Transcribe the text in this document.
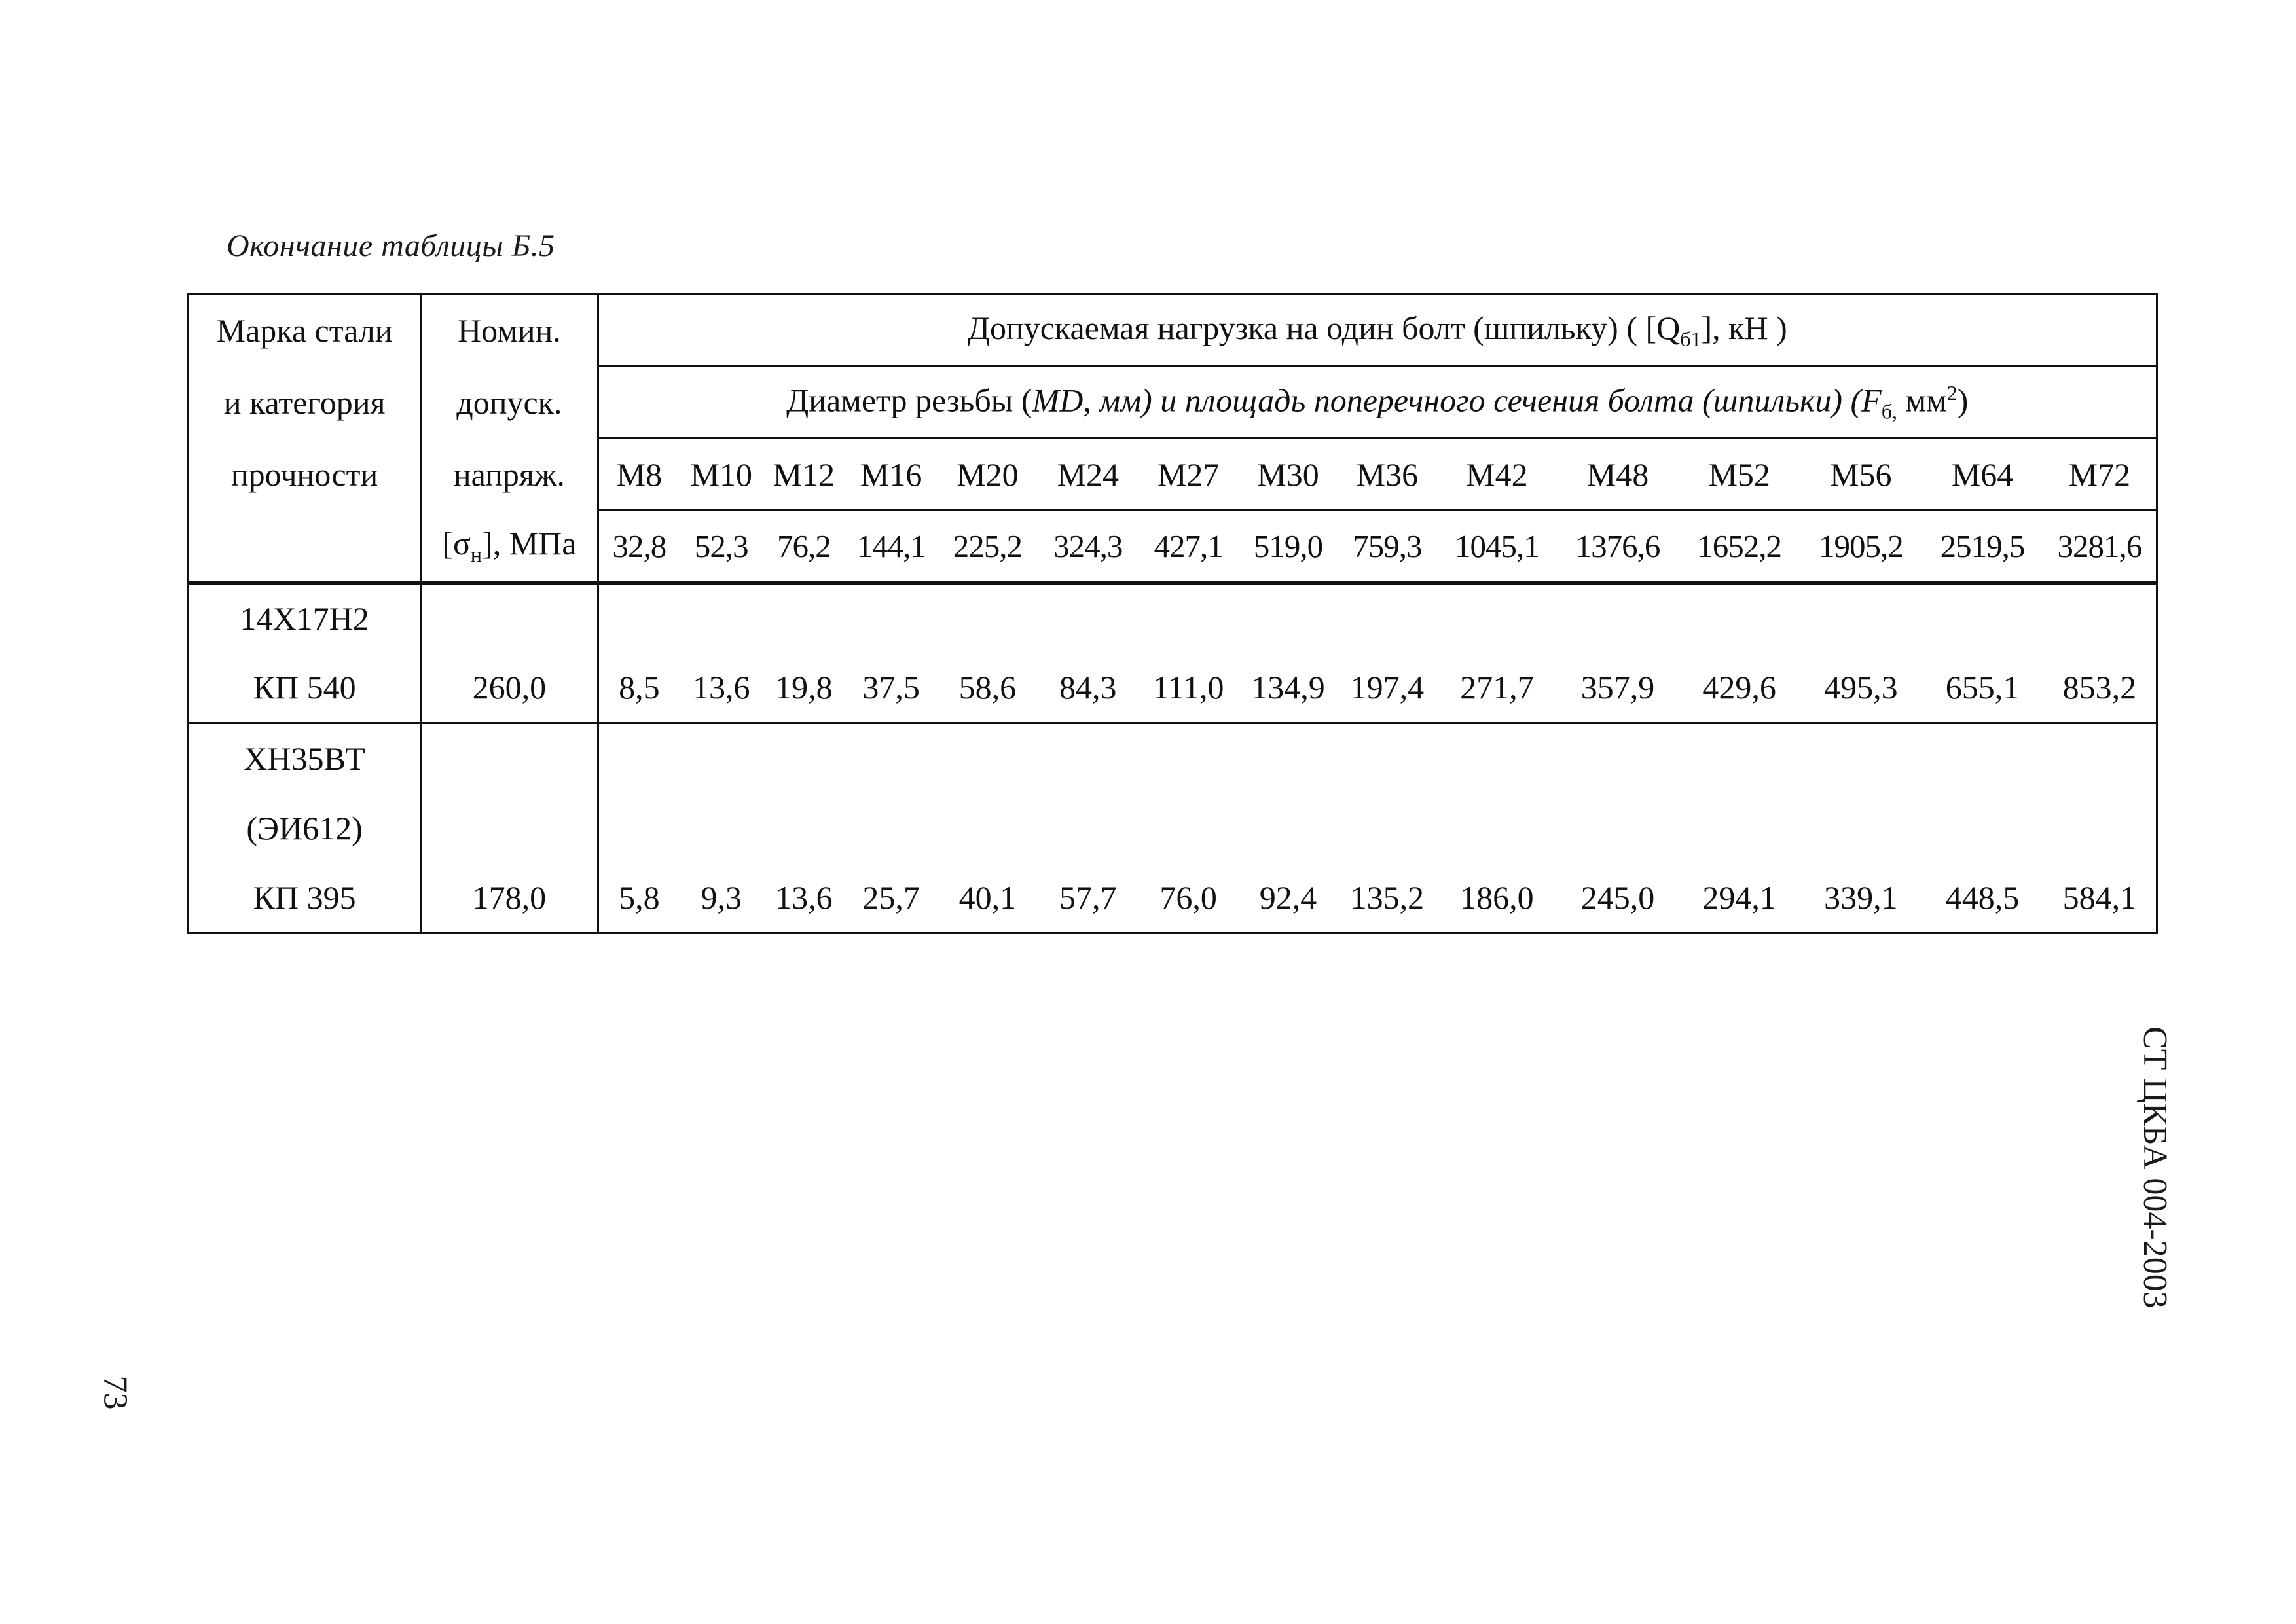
Окончание таблицы Б.5
Марка стали	Номин.	Допускаемая нагрузка на один болт (шпильку) ( $[Q_{б1}]$, кН )														
и категория	допуск.	Диаметр резьбы (MD, мм) и площадь поперечного сечения болта (шпильки) ($F_{б,}$ $мм^2$)														
прочности	напряж.	M8	M10	M12	M16	M20	M24	M27	M30	M36	M42	M48	M52	M56	M64	M72
	$[\sigma_н]$, МПа	32,8	52,3	76,2	144,1	225,2	324,3	427,1	519,0	759,3	1045,1	1376,6	1652,2	1905,2	2519,5	3281,6
14Х17Н2																
КП 540	260,0	8,5	13,6	19,8	37,5	58,6	84,3	111,0	134,9	197,4	271,7	357,9	429,6	495,3	655,1	853,2
ХН35ВТ																
(ЭИ612)																
КП 395	178,0	5,8	9,3	13,6	25,7	40,1	57,7	76,0	92,4	135,2	186,0	245,0	294,1	339,1	448,5	584,1
СТ ЦКБА 004-2003
73
